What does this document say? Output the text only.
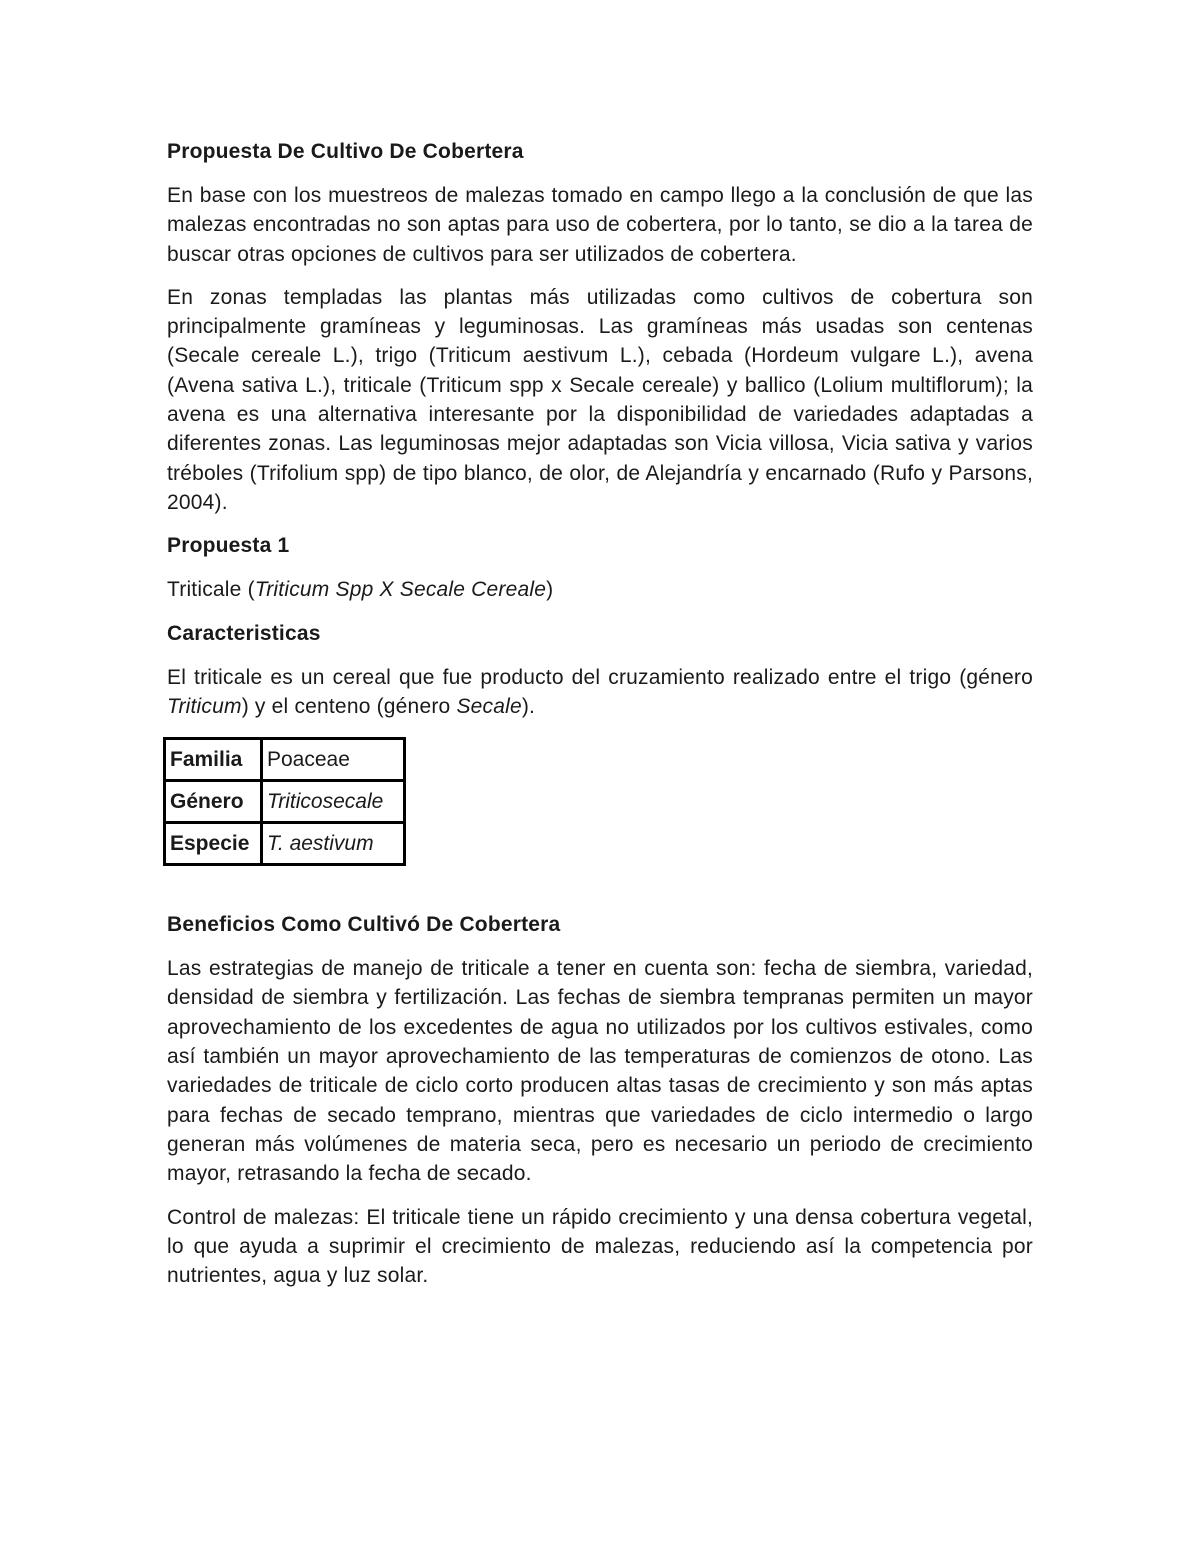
Propuesta De Cultivo De Cobertera

En base con los muestreos de malezas tomado en campo llego a la conclusión de que las malezas encontradas no son aptas para uso de cobertera, por lo tanto, se dio a la tarea de buscar otras opciones de cultivos para ser utilizados de cobertera.

En zonas templadas las plantas más utilizadas como cultivos de cobertura son principalmente gramíneas y leguminosas. Las gramíneas más usadas son centenas (Secale cereale L.), trigo (Triticum aestivum L.), cebada (Hordeum vulgare L.), avena (Avena sativa L.), triticale (Triticum spp x Secale cereale) y ballico (Lolium multiflorum); la avena es una alternativa interesante por la disponibilidad de variedades adaptadas a diferentes zonas. Las leguminosas mejor adaptadas son Vicia villosa, Vicia sativa y varios tréboles (Trifolium spp) de tipo blanco, de olor, de Alejandría y encarnado (Rufo y Parsons, 2004).

Propuesta 1

Triticale (Triticum Spp X Secale Cereale)

Caracteristicas

El triticale es un cereal que fue producto del cruzamiento realizado entre el trigo (género Triticum) y el centeno (género Secale).

Familia	Poaceae
Género	Triticosecale
Especie	T. aestivum
Beneficios Como Cultivó De Cobertera

Las estrategias de manejo de triticale a tener en cuenta son: fecha de siembra, variedad, densidad de siembra y fertilización. Las fechas de siembra tempranas permiten un mayor aprovechamiento de los excedentes de agua no utilizados por los cultivos estivales, como así también un mayor aprovechamiento de las temperaturas de comienzos de otono. Las variedades de triticale de ciclo corto producen altas tasas de crecimiento y son más aptas para fechas de secado temprano, mientras que variedades de ciclo intermedio o largo generan más volúmenes de materia seca, pero es necesario un periodo de crecimiento mayor, retrasando la fecha de secado.

Control de malezas: El triticale tiene un rápido crecimiento y una densa cobertura vegetal, lo que ayuda a suprimir el crecimiento de malezas, reduciendo así la competencia por nutrientes, agua y luz solar.
